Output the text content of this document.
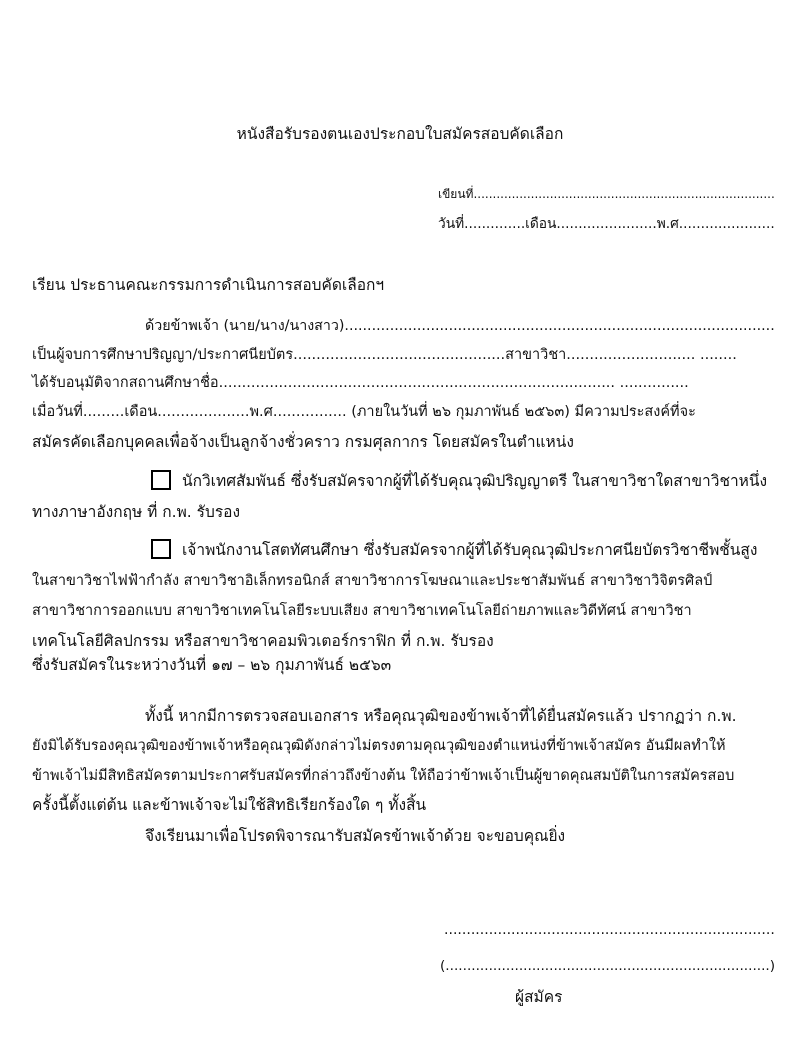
หนังสือรับรองตนเองประกอบใบสมัครสอบคัดเลือก
เขียนที่...............................................................................
วันที่..............เดือน.......................พ.ศ......................
เรียน ประธานคณะกรรมการดำเนินการสอบคัดเลือกฯ
ด้วยข้าพเจ้า (นาย/นาง/นางสาว)...............................................................................................
เป็นผู้จบการศึกษาปริญญา/ประกาศนียบัตร..............................................สาขาวิชา............................ ........
ได้รับอนุมัติจากสถานศึกษาชื่อ...................................................................................... ...............
เมื่อวันที่.........เดือน....................พ.ศ................ (ภายในวันที่ ๒๖ กุมภาพันธ์ ๒๕๖๓) มีความประสงค์ที่จะ
สมัครคัดเลือกบุคคลเพื่อจ้างเป็นลูกจ้างชั่วคราว กรมศุลกากร โดยสมัครในตำแหน่ง
นักวิเทศสัมพันธ์ ซึ่งรับสมัครจากผู้ที่ได้รับคุณวุฒิปริญญาตรี ในสาขาวิชาใดสาขาวิชาหนึ่ง
ทางภาษาอังกฤษ ที่ ก.พ. รับรอง
เจ้าพนักงานโสตทัศนศึกษา ซึ่งรับสมัครจากผู้ที่ได้รับคุณวุฒิประกาศนียบัตรวิชาชีพชั้นสูง
ในสาขาวิชาไฟฟ้ากำลัง สาขาวิชาอิเล็กทรอนิกส์ สาขาวิชาการโฆษณาและประชาสัมพันธ์ สาขาวิชาวิจิตรศิลป์
สาขาวิชาการออกแบบ สาขาวิชาเทคโนโลยีระบบเสียง สาขาวิชาเทคโนโลยีถ่ายภาพและวิดีทัศน์ สาขาวิชา
เทคโนโลยีศิลปกรรม หรือสาขาวิชาคอมพิวเตอร์กราฟิก ที่ ก.พ. รับรอง
ซึ่งรับสมัครในระหว่างวันที่ ๑๗ – ๒๖ กุมภาพันธ์ ๒๕๖๓
ทั้งนี้ หากมีการตรวจสอบเอกสาร หรือคุณวุฒิของข้าพเจ้าที่ได้ยื่นสมัครแล้ว ปรากฏว่า ก.พ.
ยังมิได้รับรองคุณวุฒิของข้าพเจ้าหรือคุณวุฒิดังกล่าวไม่ตรงตามคุณวุฒิของตำแหน่งที่ข้าพเจ้าสมัคร อันมีผลทำให้
ข้าพเจ้าไม่มีสิทธิสมัครตามประกาศรับสมัครที่กล่าวถึงข้างต้น ให้ถือว่าข้าพเจ้าเป็นผู้ขาดคุณสมบัติในการสมัครสอบ
ครั้งนี้ตั้งแต่ต้น และข้าพเจ้าจะไม่ใช้สิทธิเรียกร้องใด ๆ ทั้งสิ้น
จึงเรียนมาเพื่อโปรดพิจารณารับสมัครข้าพเจ้าด้วย จะขอบคุณยิ่ง
..........................................................................
(...........................................................................)
ผู้สมัคร
